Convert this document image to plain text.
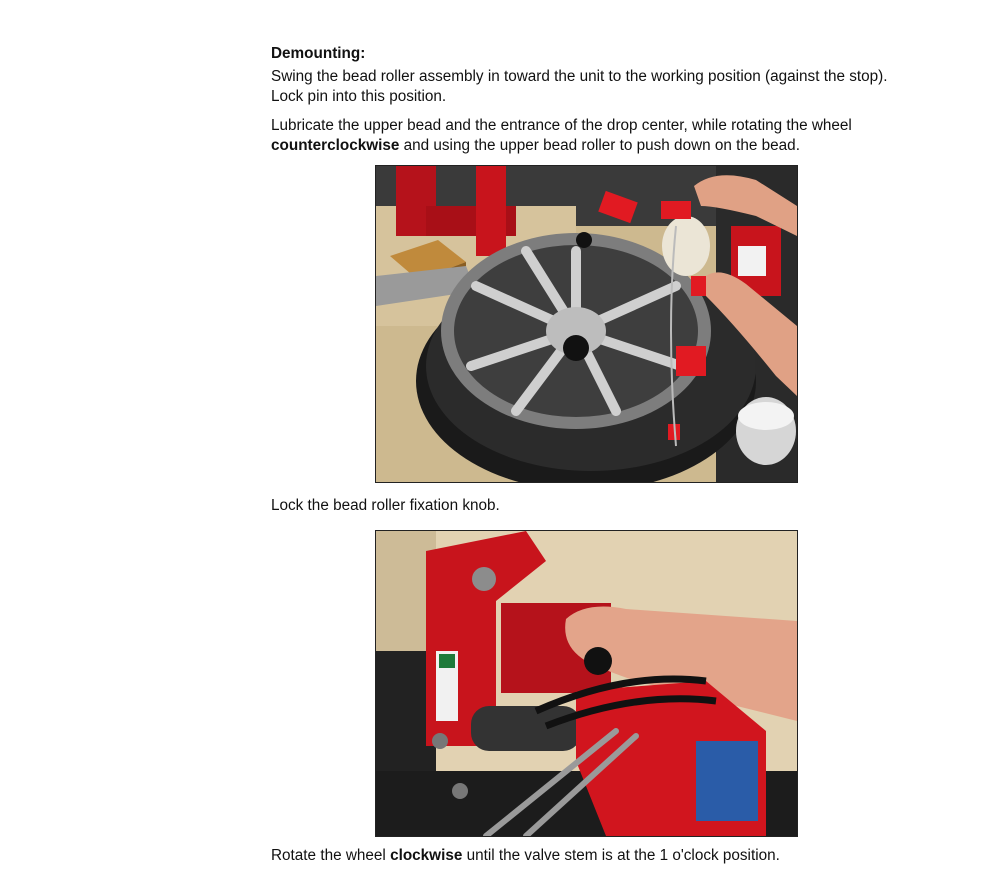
Demounting:

Swing the bead roller assembly in toward the unit to the working position (against the stop). Lock pin into this position.

Lubricate the upper bead and the entrance of the drop center, while rotating the wheel counterclockwise and using the upper bead roller to push down on the bead.

Lock the bead roller fixation knob.

Rotate the wheel clockwise until the valve stem is at the 1 o'clock position.
